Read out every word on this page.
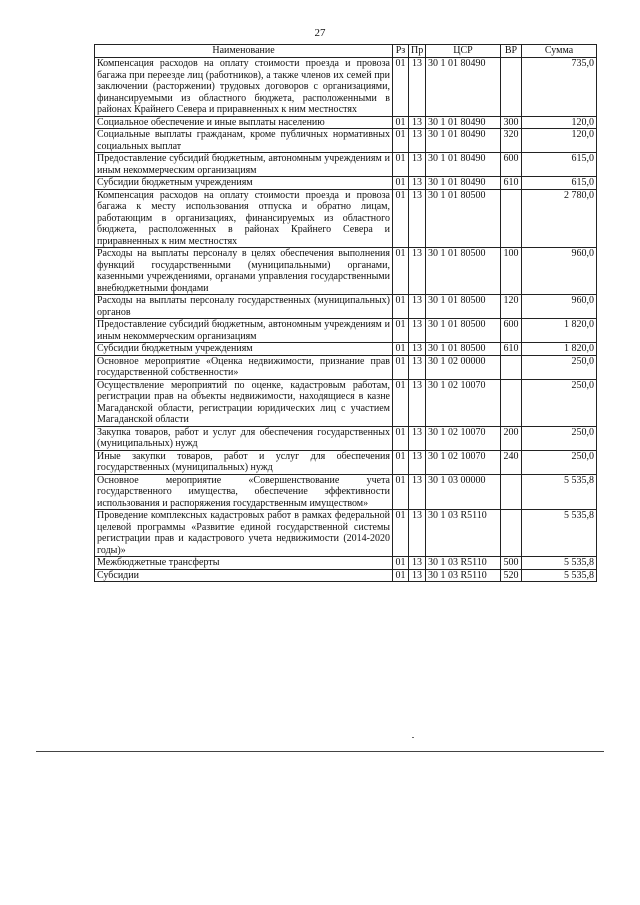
27
Наименование	Рз	Пр	ЦСР	ВР	Сумма
Компенсация расходов на оплату стоимости проезда и провоза багажа при переезде лиц (работников), а также членов их семей при заключении (расторжении) трудовых договоров с организациями, финансируемыми из областного бюджета, расположенными в районах Крайнего Севера и приравненных к ним местностях	01	13	30 1 01 80490		735,0
Социальное обеспечение и иные выплаты населению	01	13	30 1 01 80490	300	120,0
Социальные выплаты гражданам, кроме публичных нормативных социальных выплат	01	13	30 1 01 80490	320	120,0
Предоставление субсидий бюджетным, автономным учреждениям и иным некоммерческим организациям	01	13	30 1 01 80490	600	615,0
Субсидии бюджетным учреждениям	01	13	30 1 01 80490	610	615,0
Компенсация расходов на оплату стоимости проезда и провоза багажа к месту использования отпуска и обратно лицам, работающим в организациях, финансируемых из областного бюджета, расположенных в районах Крайнего Севера и приравненных к ним местностях	01	13	30 1 01 80500		2 780,0
Расходы на выплаты персоналу в целях обеспечения выполнения функций государственными (муниципальными) органами, казенными учреждениями, органами управления государственными внебюджетными фондами	01	13	30 1 01 80500	100	960,0
Расходы на выплаты персоналу государственных (муниципальных) органов	01	13	30 1 01 80500	120	960,0
Предоставление субсидий бюджетным, автономным учреждениям и иным некоммерческим организациям	01	13	30 1 01 80500	600	1 820,0
Субсидии бюджетным учреждениям	01	13	30 1 01 80500	610	1 820,0
Основное мероприятие «Оценка недвижимости, признание прав государственной собственности»	01	13	30 1 02 00000		250,0
Осуществление мероприятий по оценке, кадастровым работам, регистрации прав на объекты недвижимости, находящиеся в казне Магаданской области, регистрации юридических лиц с участием Магаданской области	01	13	30 1 02 10070		250,0
Закупка товаров, работ и услуг для обеспечения государственных (муниципальных) нужд	01	13	30 1 02 10070	200	250,0
Иные закупки товаров, работ и услуг для обеспечения государственных (муниципальных) нужд	01	13	30 1 02 10070	240	250,0
Основное мероприятие «Совершенствование учета государственного имущества, обеспечение эффективности использования и распоряжения государственным имуществом»	01	13	30 1 03 00000		5 535,8
Проведение комплексных кадастровых работ в рамках федеральной целевой программы «Развитие единой государственной системы регистрации прав и кадастрового учета недвижимости (2014-2020 годы)»	01	13	30 1 03 R5110		5 535,8
Межбюджетные трансферты	01	13	30 1 03 R5110	500	5 535,8
Субсидии	01	13	30 1 03 R5110	520	5 535,8
